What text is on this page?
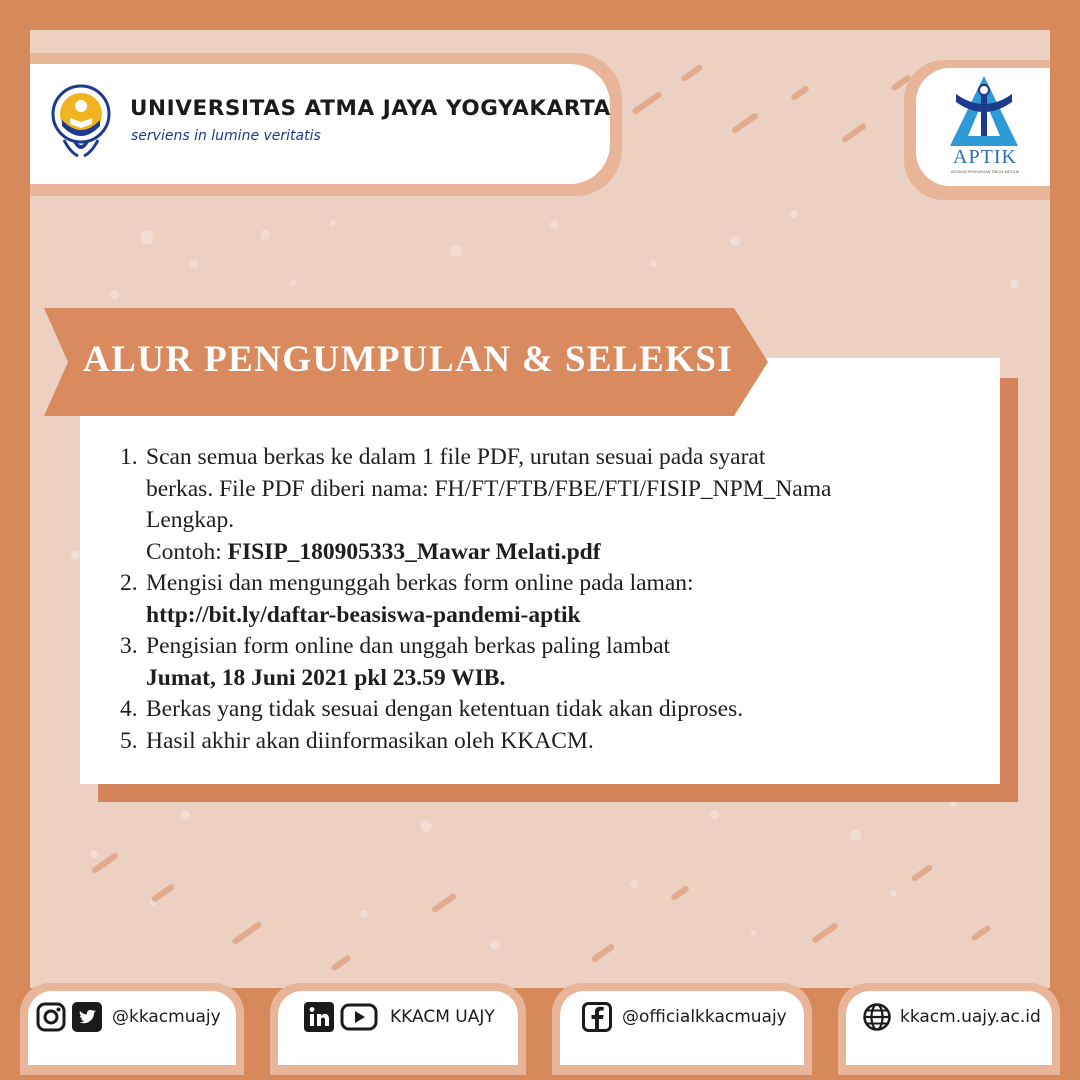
UNIVERSITAS ATMA JAYA YOGYAKARTA
serviens in lumine veritatis
APTIK
ASOSIASI PERGURUAN TINGGI KATOLIK
ALUR PENGUMPULAN & SELEKSI
1. Scan semua berkas ke dalam 1 file PDF, urutan sesuai pada syarat
berkas. File PDF diberi nama: FH/FT/FTB/FBE/FTI/FISIP_NPM_Nama
Lengkap.
Contoh: FISIP_180905333_Mawar Melati.pdf
2. Mengisi dan mengunggah berkas form online pada laman:
http://bit.ly/daftar-beasiswa-pandemi-aptik
3. Pengisian form online dan unggah berkas paling lambat
Jumat, 18 Juni 2021 pkl 23.59 WIB.
4. Berkas yang tidak sesuai dengan ketentuan tidak akan diproses.
5. Hasil akhir akan diinformasikan oleh KKACM.
@kkacmuajy	KKACM UAJY	@officialkkacmuajy	kkacm.uajy.ac.id
